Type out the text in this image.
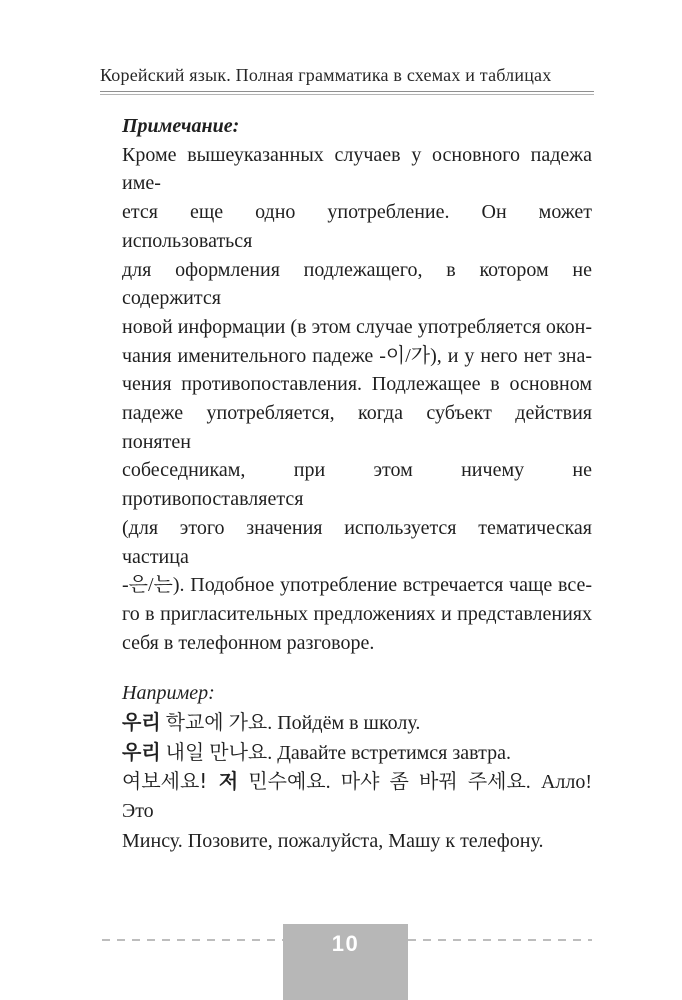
Корейский язык. Полная грамматика в схемах и таблицах
Примечание:
Кроме вышеуказанных случаев у основного падежа име-
ется еще одно употребление. Он может использоваться
для оформления подлежащего, в котором не содержится
новой информации (в этом случае употребляется окон-
чания именительного падеже -이/가), и у него нет зна-
чения противопоставления. Подлежащее в основном
падеже употребляется, когда субъект действия понятен
собеседникам, при этом ничему не противопоставляется
(для этого значения используется тематическая частица
-은/는). Подобное употребление встречается чаще все-
го в пригласительных предложениях и представлениях
себя в телефонном разговоре.
Например:
우리 학교에 가요. Пойдём в школу.
우리 내일 만나요. Давайте встретимся завтра.
여보세요! 저 민수예요. 마샤 좀 바꿔 주세요. Алло! Это
Минсу. Позовите, пожалуйста, Машу к телефону.
10
